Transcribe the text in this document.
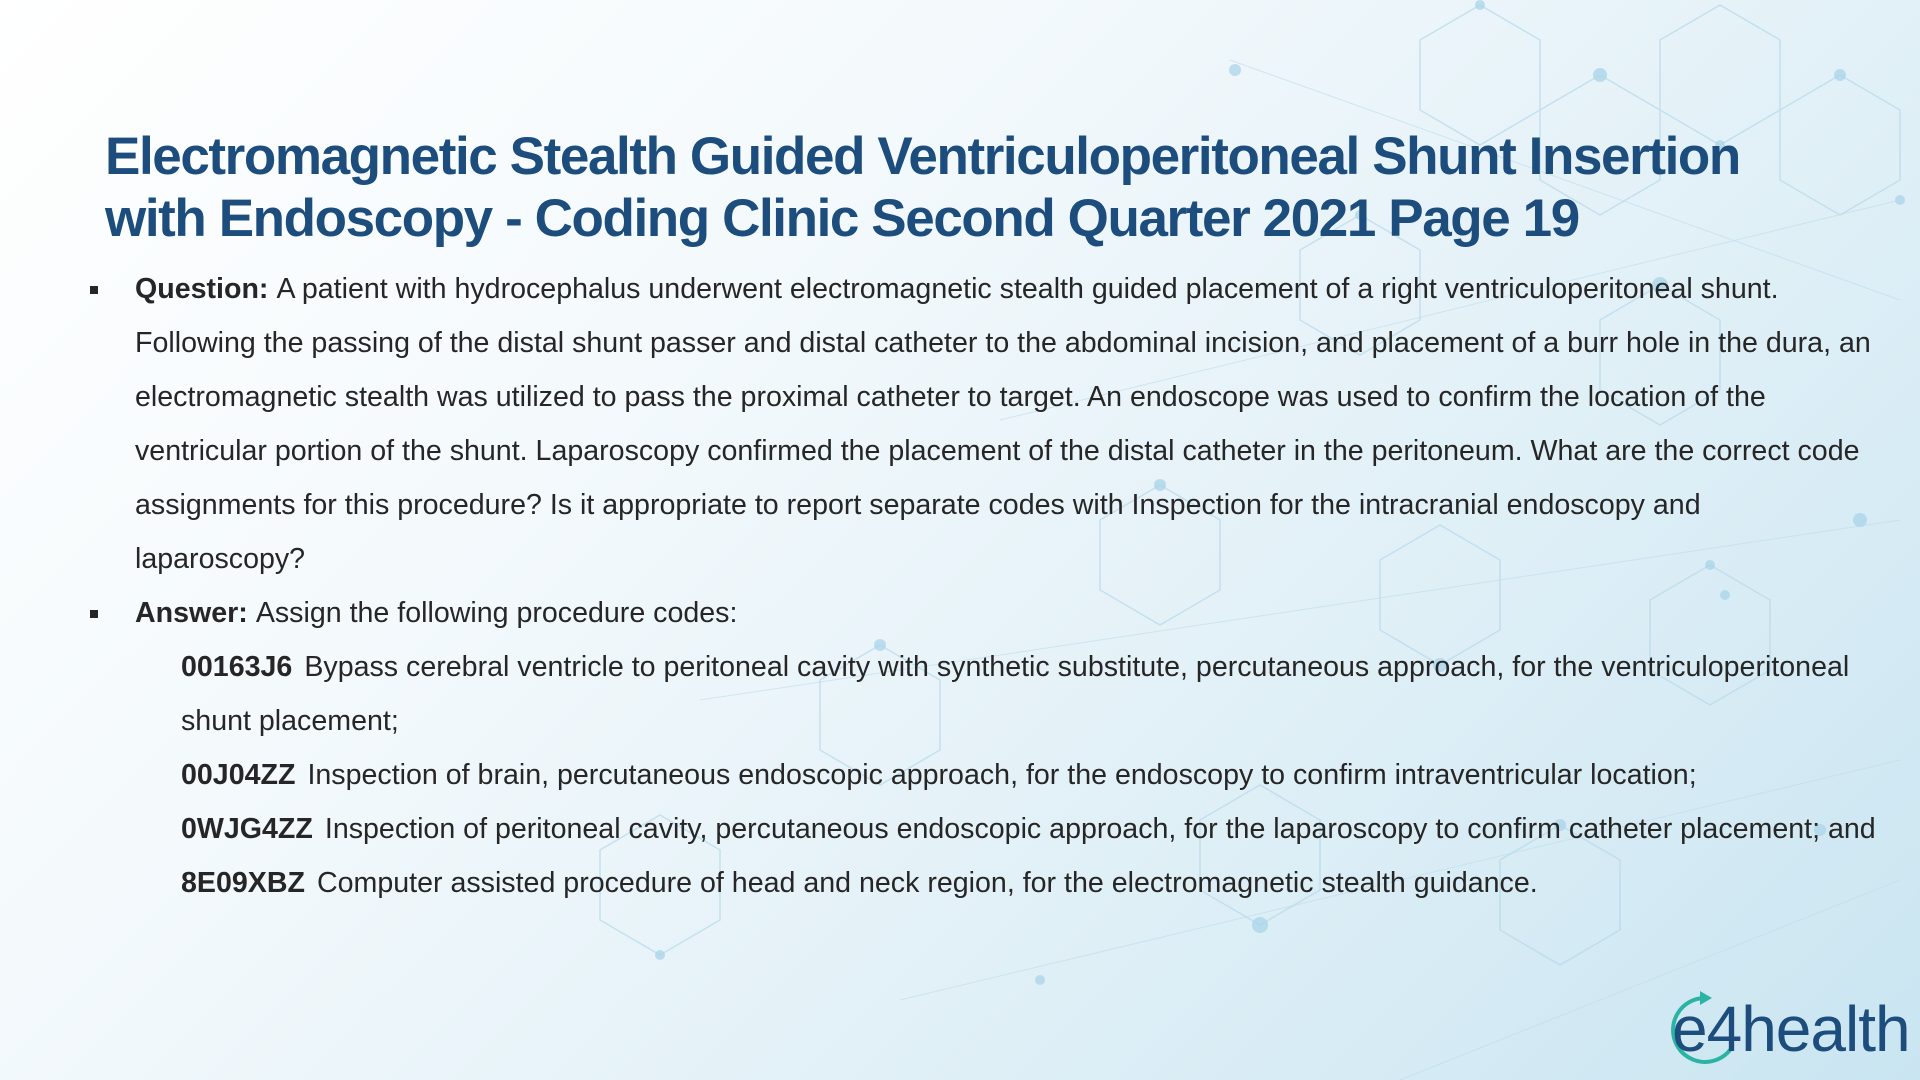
Electromagnetic Stealth Guided Ventriculoperitoneal Shunt Insertion
with Endoscopy - Coding Clinic Second Quarter 2021 Page 19
Question: A patient with hydrocephalus underwent electromagnetic stealth guided placement of a right ventriculoperitoneal shunt. Following the passing of the distal shunt passer and distal catheter to the abdominal incision, and placement of a burr hole in the dura, an electromagnetic stealth was utilized to pass the proximal catheter to target. An endoscope was used to confirm the location of the ventricular portion of the shunt. Laparoscopy confirmed the placement of the distal catheter in the peritoneum. What are the correct code assignments for this procedure? Is it appropriate to report separate codes with Inspection for the intracranial endoscopy and laparoscopy?
Answer: Assign the following procedure codes:
00163J6 Bypass cerebral ventricle to peritoneal cavity with synthetic substitute, percutaneous approach, for the ventriculoperitoneal shunt placement;
00J04ZZ Inspection of brain, percutaneous endoscopic approach, for the endoscopy to confirm intraventricular location;
0WJG4ZZ Inspection of peritoneal cavity, percutaneous endoscopic approach, for the laparoscopy to confirm catheter placement; and
8E09XBZ Computer assisted procedure of head and neck region, for the electromagnetic stealth guidance.
e4health
